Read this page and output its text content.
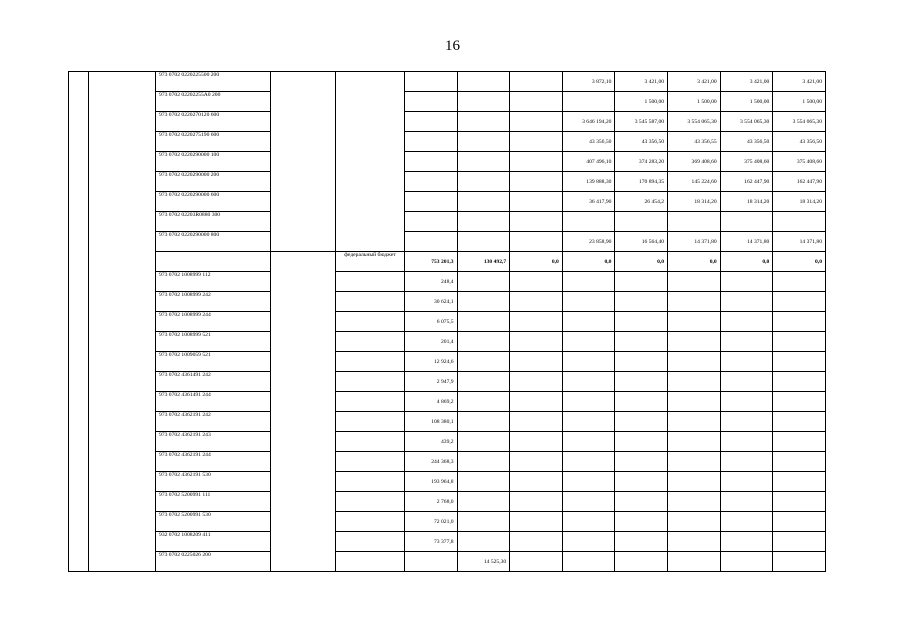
16
		973 0702 0220225500 200						3 872,10	3 421,00	3 421,00	3 421,00	3 421,00
		973 0702 02202255А0 200							1 500,00	1 500,00	1 500,00	1 500,00
		973 0702 0220270120 600						3 646 194,20	3 545 587,00	3 554 065,30	3 554 065,30	3 554 065,30
		973 0702 0220275190 600						43 356,50	43 356,50	43 356,55	43 356,50	43 356,50
		973 0702 0220290000 100						407 496,10	374 283,20	369 408,60	375 408,60	375 408,60
		973 0702 0220290000 200						139 888,30	170 894,35	145 224,60	162 447,90	162 447,90
		973 0702 0220290000 600						36 417,90	26 454,2	18 314,20	18 314,20	18 314,20
		973 0702 02203R0880 300										
		973 0702 0220290000 800						23 858,90	16 564,40	14 371,80	14 371,80	14 371,80
				федеральный бюджет	753 201,3	130 492,7	0,0	0,0	0,0	0,0	0,0	0,0
		973 0702 1008999 112			248,4							
		973 0702 1008999 242			30 624,1							
		973 0702 1008999 244			6 075,5							
		973 0702 1008999 521			201,4							
		973 0702 1009059 521			12 924,6							
		973 0702 4361491 242			2 947,9							
		973 0702 4361491 244			4 869,2							
		973 0702 4362191 242			108 380,1							
		973 0702 4362191 243			439,2							
		973 0702 4362191 244			244 368,3							
		973 0702 4362191 530			193 964,8							
		973 0702 5200991 111			2 768,0							
		973 0702 5200991 530			72 021,0							
		932 0702 1008209 411			73 377,8							
		973 0702 0225026 200				14 525,30						
